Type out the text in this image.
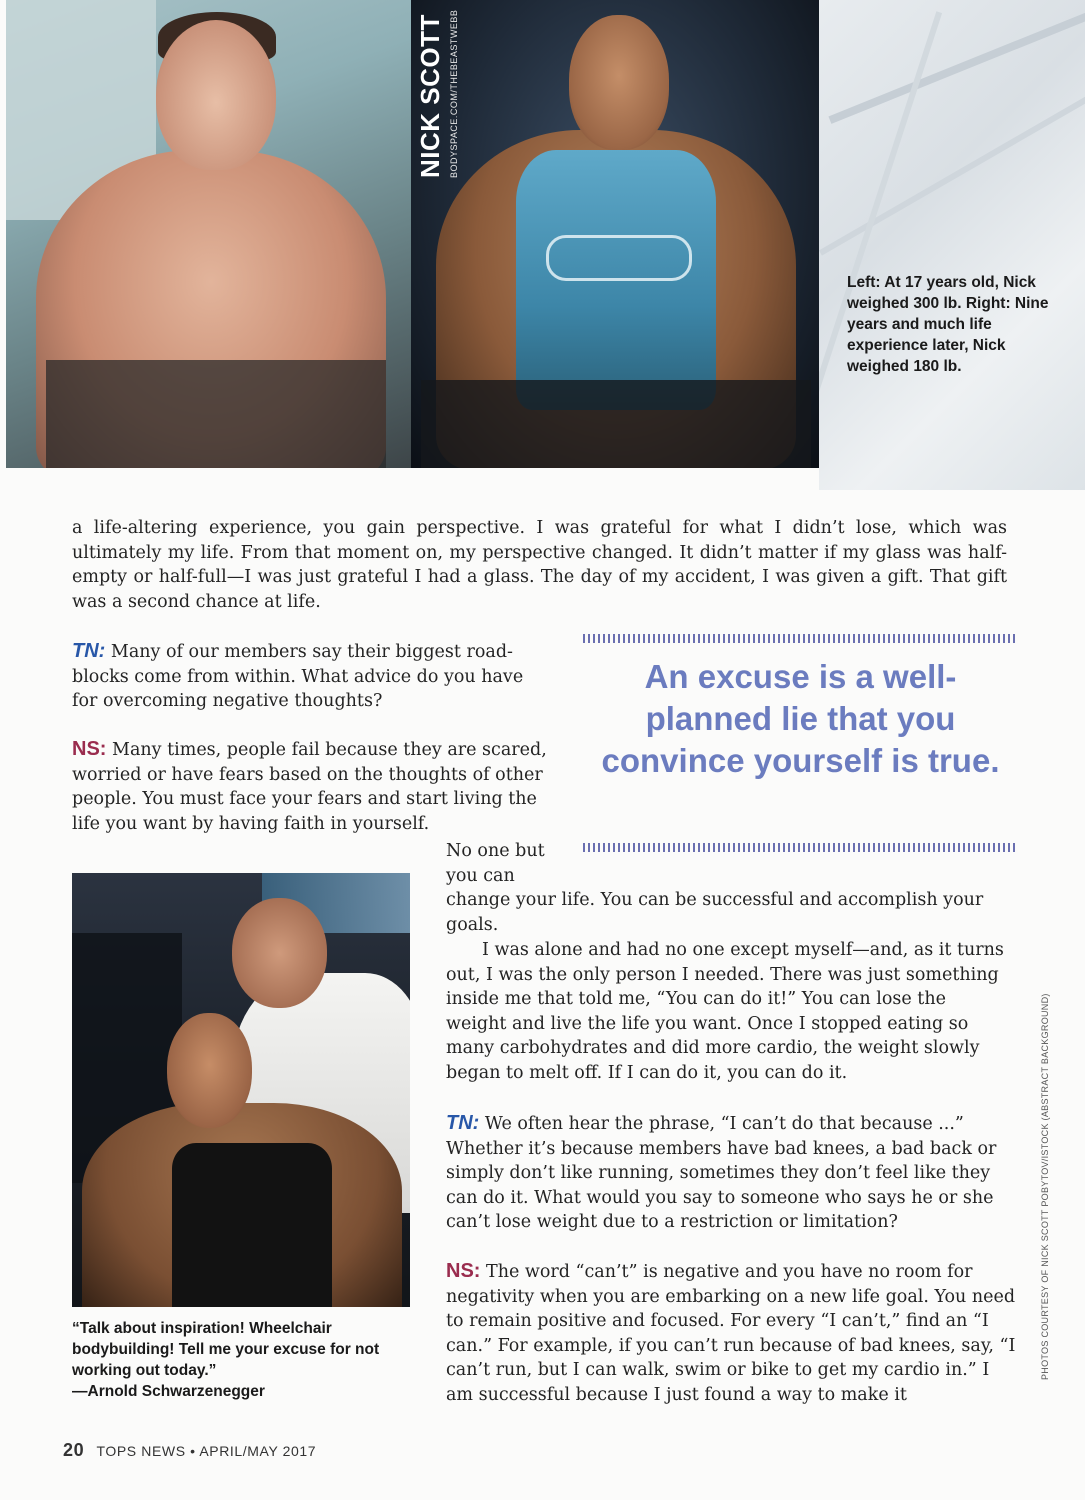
NICK SCOTT BODYSPACE.COM/THEBEASTWEBB
Left: At 17 years old, Nick weighed 300 lb. Right: Nine years and much life experience later, Nick weighed 180 lb.
a life-altering experience, you gain perspective. I was grateful for what I didn’t lose, which was ultimately my life. From that moment on, my perspective changed. It didn’t matter if my glass was half-empty or half-full—I was just grateful I had a glass. The day of my accident, I was given a gift. That gift was a second chance at life.
TN: Many of our members say their biggest road-blocks come from within. What advice do you have for overcoming negative thoughts?
NS: Many times, people fail because they are scared, worried or have fears based on the thoughts of other people. You must face your fears and start living the life you want by having faith in yourself.
No one but you can
change your life. You can be successful and accomplish your goals.
I was alone and had no one except myself—and, as it turns out, I was the only person I needed. There was just something inside me that told me, “You can do it!” You can lose the weight and live the life you want. Once I stopped eating so many carbohydrates and did more cardio, the weight slowly began to melt off. If I can do it, you can do it.
TN: We often hear the phrase, “I can’t do that because ...” Whether it’s because members have bad knees, a bad back or simply don’t like running, sometimes they don’t feel like they can do it. What would you say to someone who says he or she can’t lose weight due to a restriction or limitation?
NS: The word “can’t” is negative and you have no room for negativity when you are embarking on a new life goal. You need to remain positive and focused. For every “I can’t,” find an “I can.” For example, if you can’t run because of bad knees, say, “I can’t run, but I can walk, swim or bike to get my cardio in.” I am successful because I just found a way to make it
An excuse is a well-planned lie that you convince yourself is true.
“Talk about inspiration! Wheelchair bodybuilding! Tell me your excuse for not working out today.”
—Arnold Schwarzenegger
PHOTOS COURTESY OF NICK SCOTT POBYTOV/ISTOCK (ABSTRACT BACKGROUND)
20 TOPS NEWS • APRIL/MAY 2017
